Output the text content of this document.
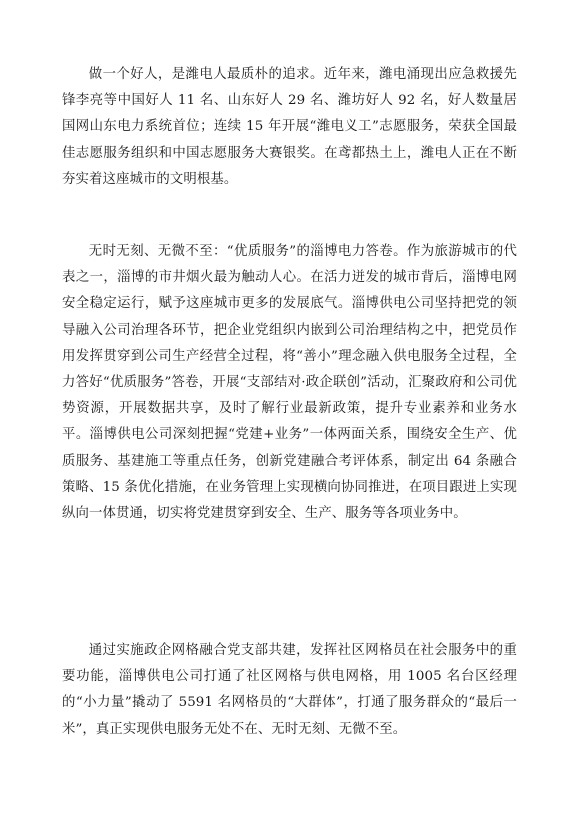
做一个好人，是潍电人最质朴的追求。近年来，潍电涌现出应急救援先锋李亮等中国好人 11 名、山东好人 29 名、潍坊好人 92 名，好人数量居国网山东电力系统首位；连续 15 年开展“潍电义工”志愿服务，荣获全国最佳志愿服务组织和中国志愿服务大赛银奖。在鸢都热土上，潍电人正在不断夯实着这座城市的文明根基。

无时无刻、无微不至：“优质服务”的淄博电力答卷。作为旅游城市的代表之一，淄博的市井烟火最为触动人心。在活力迸发的城市背后，淄博电网安全稳定运行，赋予这座城市更多的发展底气。淄博供电公司坚持把党的领导融入公司治理各环节，把企业党组织内嵌到公司治理结构之中，把党员作用发挥贯穿到公司生产经营全过程，将“善小”理念融入供电服务全过程，全力答好“优质服务”答卷，开展“支部结对·政企联创”活动，汇聚政府和公司优势资源，开展数据共享，及时了解行业最新政策，提升专业素养和业务水平。淄博供电公司深刻把握“党建+业务”一体两面关系，围绕安全生产、优质服务、基建施工等重点任务，创新党建融合考评体系，制定出 64 条融合策略、15 条优化措施，在业务管理上实现横向协同推进，在项目跟进上实现纵向一体贯通，切实将党建贯穿到安全、生产、服务等各项业务中。

通过实施政企网格融合党支部共建，发挥社区网格员在社会服务中的重要功能，淄博供电公司打通了社区网格与供电网格，用 1005 名台区经理的“小力量”撬动了 5591 名网格员的“大群体”，打通了服务群众的“最后一米”，真正实现供电服务无处不在、无时无刻、无微不至。
